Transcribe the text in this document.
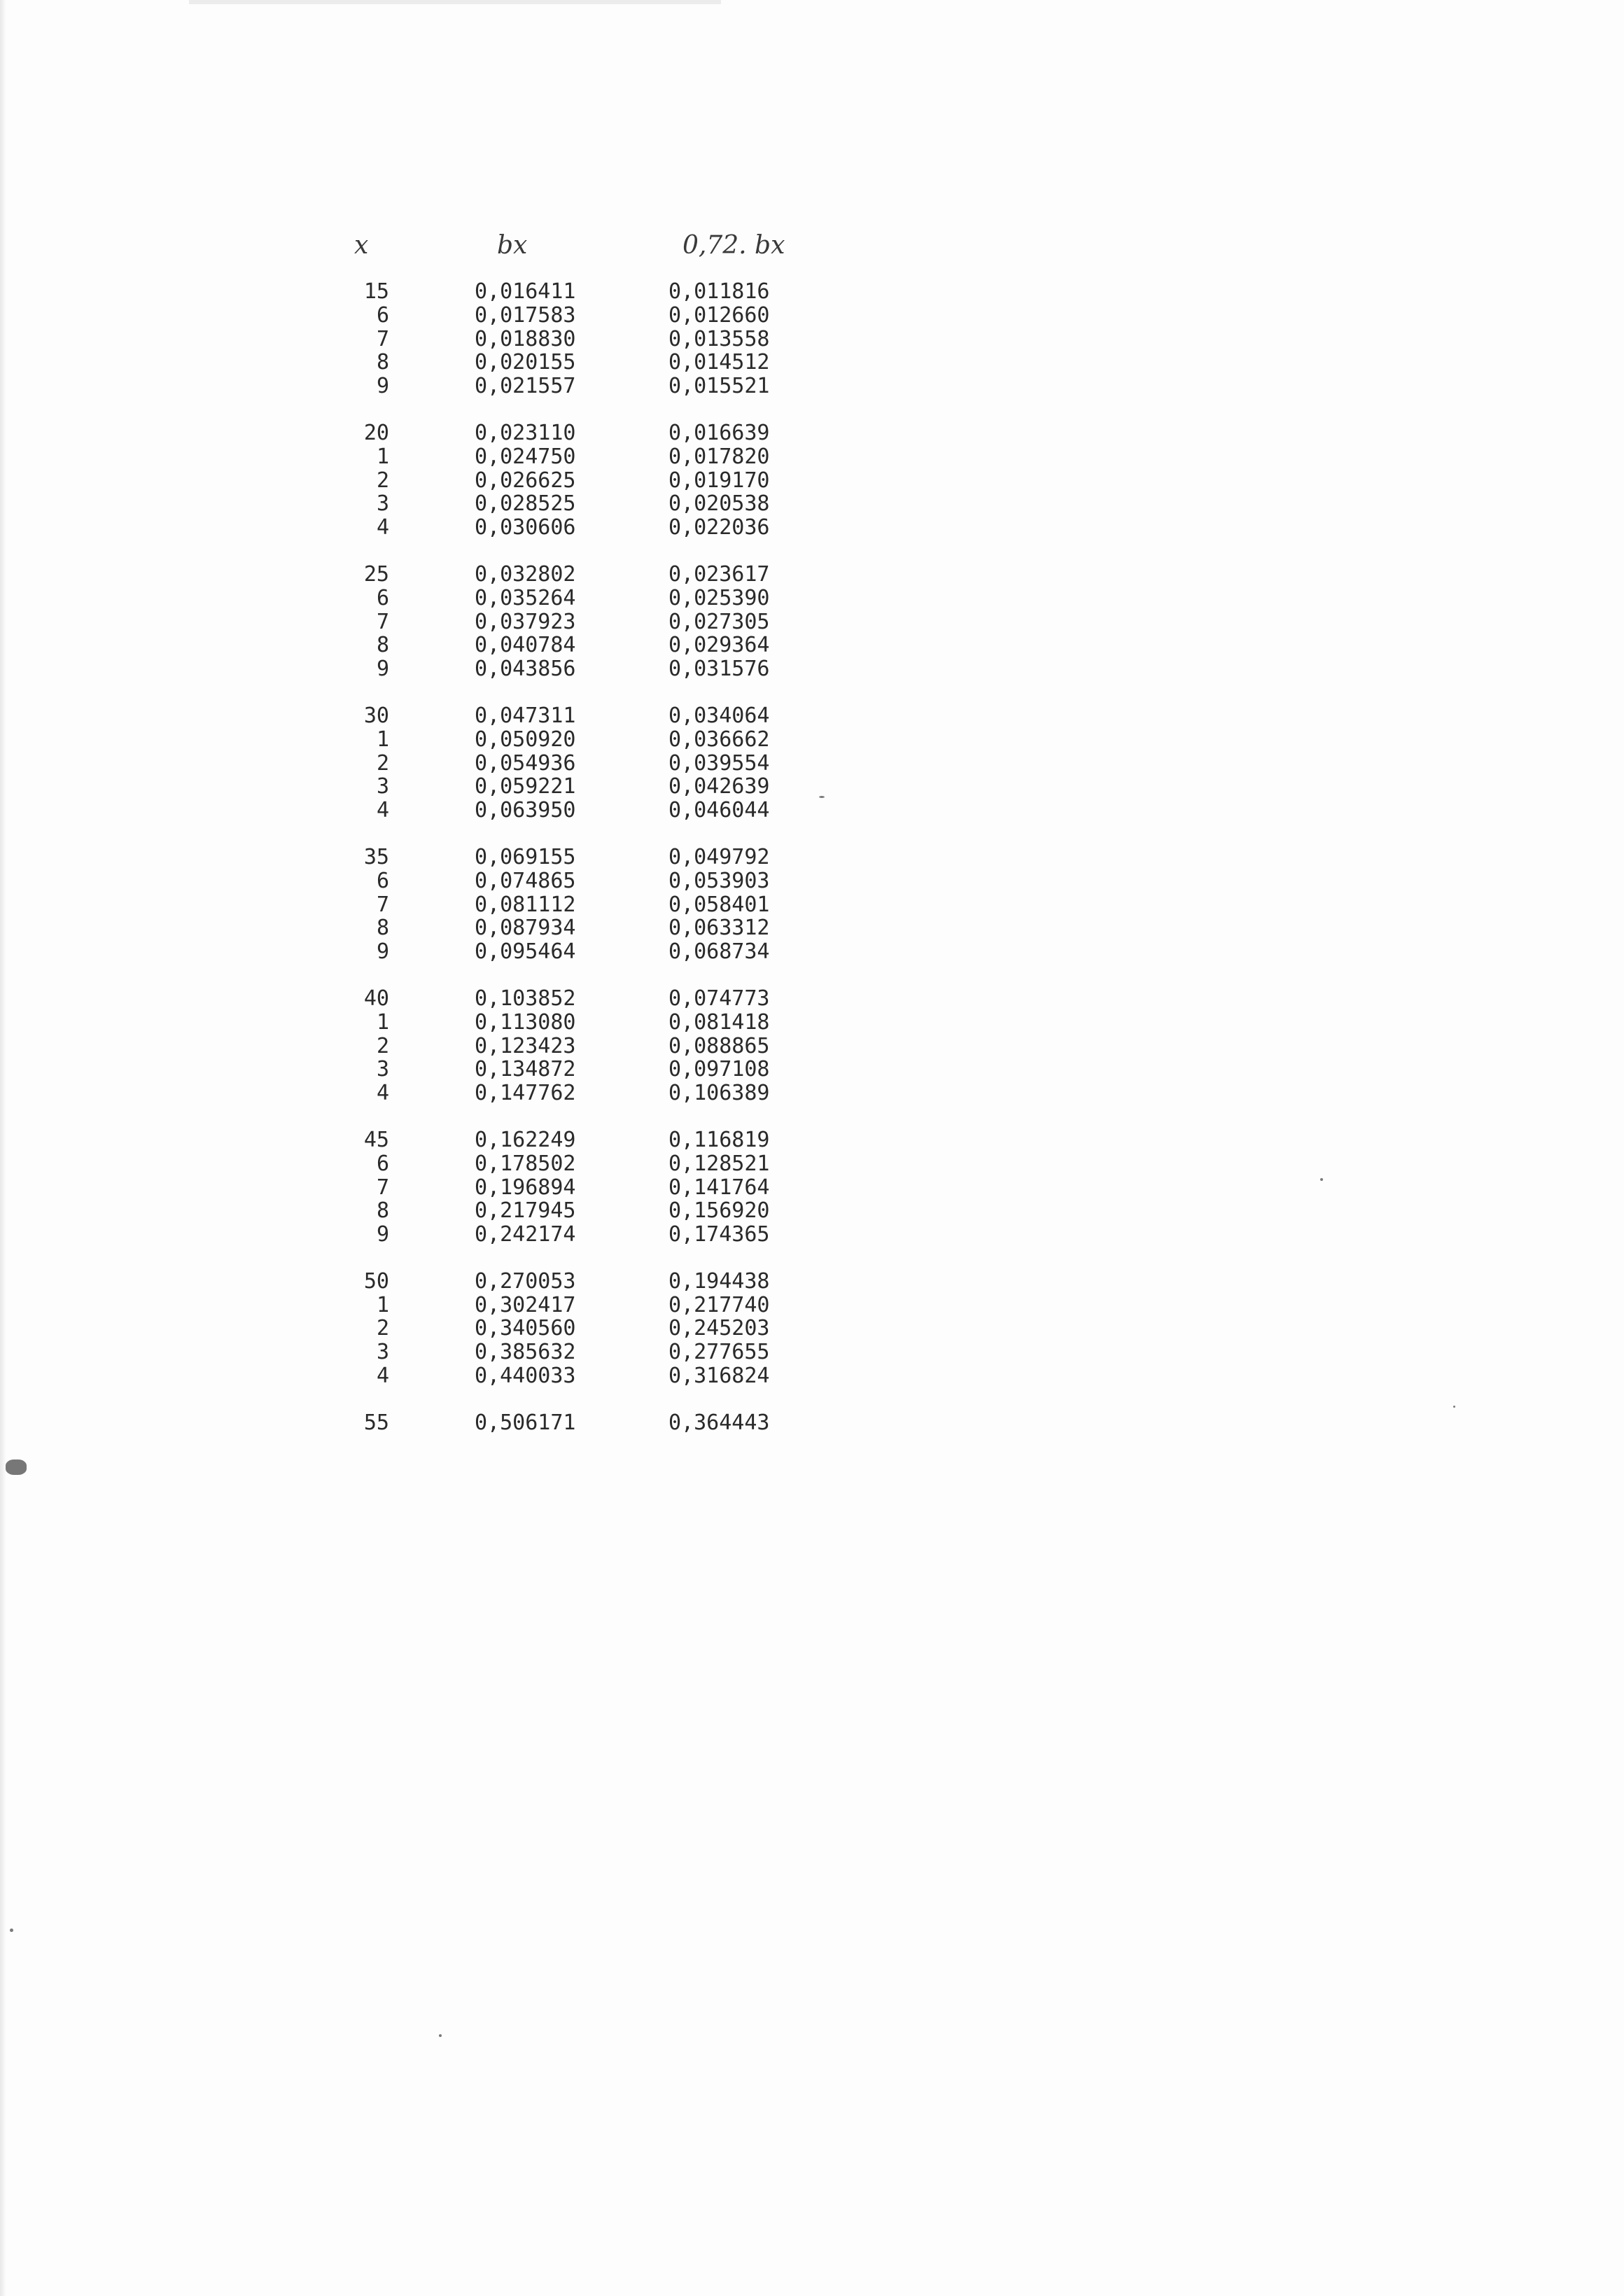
x	bx	0,72. bx
15	0,016411	0,011816
6	0,017583	0,012660
7	0,018830	0,013558
8	0,020155	0,014512
9	0,021557	0,015521
20	0,023110	0,016639
1	0,024750	0,017820
2	0,026625	0,019170
3	0,028525	0,020538
4	0,030606	0,022036
25	0,032802	0,023617
6	0,035264	0,025390
7	0,037923	0,027305
8	0,040784	0,029364
9	0,043856	0,031576
30	0,047311	0,034064
1	0,050920	0,036662
2	0,054936	0,039554
3	0,059221	0,042639
4	0,063950	0,046044
35	0,069155	0,049792
6	0,074865	0,053903
7	0,081112	0,058401
8	0,087934	0,063312
9	0,095464	0,068734
40	0,103852	0,074773
1	0,113080	0,081418
2	0,123423	0,088865
3	0,134872	0,097108
4	0,147762	0,106389
45	0,162249	0,116819
6	0,178502	0,128521
7	0,196894	0,141764
8	0,217945	0,156920
9	0,242174	0,174365
50	0,270053	0,194438
1	0,302417	0,217740
2	0,340560	0,245203
3	0,385632	0,277655
4	0,440033	0,316824
55	0,506171	0,364443
